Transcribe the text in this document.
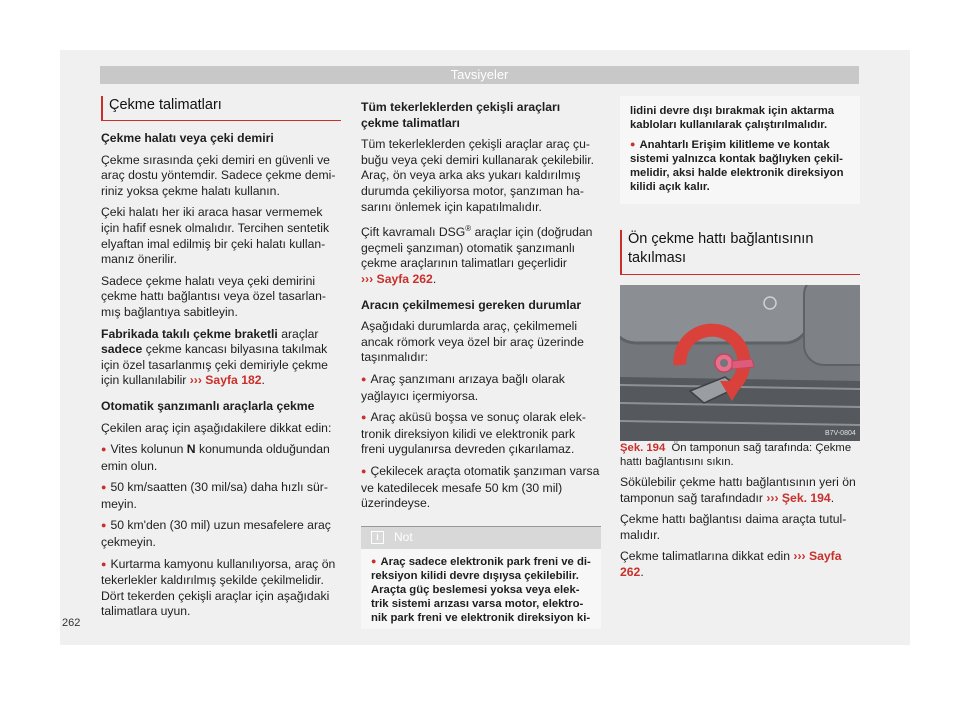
Tavsiyeler
Çekme talimatları

Çekme halatı veya çeki demiri

Çekme sırasında çeki demiri en güvenli ve araç dostu yöntemdir. Sadece çekme demiriniz yoksa çekme halatı kullanın.

Çeki halatı her iki araca hasar vermemek için hafif esnek olmalıdır. Tercihen sentetik elyaftan imal edilmiş bir çeki halatı kullanmanız önerilir.

Sadece çekme halatı veya çeki demirini çekme hattı bağlantısı veya özel tasarlanmış bağlantıya sabitleyin.

Fabrikada takılı çekme braketli araçlar sadece çekme kancası bilyasına takılmak için özel tasarlanmış çeki demiriyle çekme için kullanılabilir ››› Sayfa 182.

Otomatik şanzımanlı araçlarla çekme

Çekilen araç için aşağıdakilere dikkat edin:

● Vites kolunun N konumunda olduğundan emin olun.

● 50 km/saatten (30 mil/sa) daha hızlı sürmeyin.

● 50 km'den (30 mil) uzun mesafelere araç çekmeyin.

● Kurtarma kamyonu kullanılıyorsa, araç ön tekerlekler kaldırılmış şekilde çekilmelidir. Dört tekerden çekişli araçlar için aşağıdaki talimatlara uyun.

Tüm tekerleklerden çekişli araçları çekme talimatları

Tüm tekerleklerden çekişli araçlar araç çubuğu veya çeki demiri kullanarak çekilebilir. Araç, ön veya arka aks yukarı kaldırılmış durumda çekiliyorsa motor, şanzıman hasarını önlemek için kapatılmalıdır.

Çift kavramalı DSG® araçlar için (doğrudan geçmeli şanzıman) otomatik şanzımanlı çekme araçlarının talimatları geçerlidir
››› Sayfa 262.

Aracın çekilmemesi gereken durumlar

Aşağıdaki durumlarda araç, çekilmemeli ancak römork veya özel bir araç üzerinde taşınmalıdır:

● Araç şanzımanı arızaya bağlı olarak yağlayıcı içermiyorsa.

● Araç aküsü boşsa ve sonuç olarak elektronik direksiyon kilidi ve elektronik park freni uygulanırsa devreden çıkarılamaz.

● Çekilecek araçta otomatik şanzıman varsa ve katedilecek mesafe 50 km (30 mil) üzerindeyse.

i	Not
● Araç sadece elektronik park freni ve direksiyon kilidi devre dışıysa çekilebilir. Araçta güç beslemesi yoksa veya elektrik sistemi arızası varsa motor, elektronik park freni ve elektronik direksiyon ki-
lidini devre dışı bırakmak için aktarma kabloları kullanılarak çalıştırılmalıdır.
● Anahtarlı Erişim kilitleme ve kontak sistemi yalnızca kontak bağlıyken çekilmelidir, aksi halde elektronik direksiyon kilidi açık kalır.
Ön çekme hattı bağlantısının takılması
B7V-0804

Şek. 194 Ön tamponun sağ tarafında: Çekme hattı bağlantısını sıkın.

Sökülebilir çekme hattı bağlantısının yeri ön tamponun sağ tarafındadır ››› Şek. 194.

Çekme hattı bağlantısı daima araçta tutulmalıdır.

Çekme talimatlarına dikkat edin ››› Sayfa 262.

262
